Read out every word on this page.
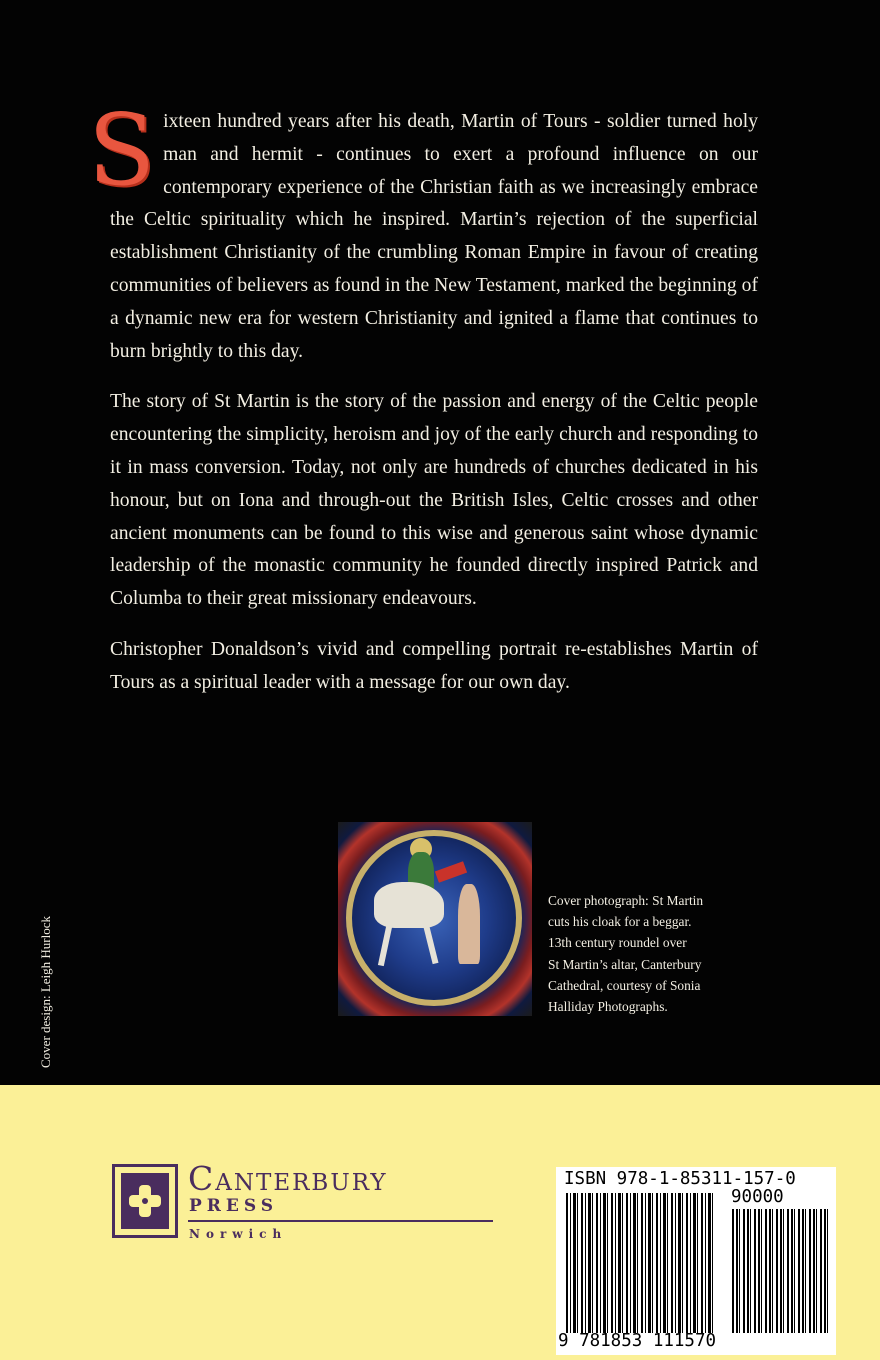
Sixteen hundred years after his death, Martin of Tours - soldier turned holy man and hermit - continues to exert a profound influence on our contemporary experience of the Christian faith as we increasingly embrace the Celtic spirituality which he inspired. Martin’s rejection of the superficial establishment Christianity of the crumbling Roman Empire in favour of creating communities of believers as found in the New Testament, marked the beginning of a dynamic new era for western Christianity and ignited a flame that continues to burn brightly to this day.

The story of St Martin is the story of the passion and energy of the Celtic people encountering the simplicity, heroism and joy of the early church and responding to it in mass conversion. Today, not only are hundreds of churches dedicated in his honour, but on Iona and through-out the British Isles, Celtic crosses and other ancient monuments can be found to this wise and generous saint whose dynamic leadership of the monastic community he founded directly inspired Patrick and Columba to their great missionary endeavours.

Christopher Donaldson’s vivid and compelling portrait re-establishes Martin of Tours as a spiritual leader with a message for our own day.

Cover photograph: St Martin
cuts his cloak for a beggar.
13th century roundel over
St Martin’s altar, Canterbury
Cathedral, courtesy of Sonia
Halliday Photographs.
Cover design: Leigh Hurlock
Canterbury
PRESS
Norwich
ISBN 978-1-85311-157-0
90000
9 781853 111570
